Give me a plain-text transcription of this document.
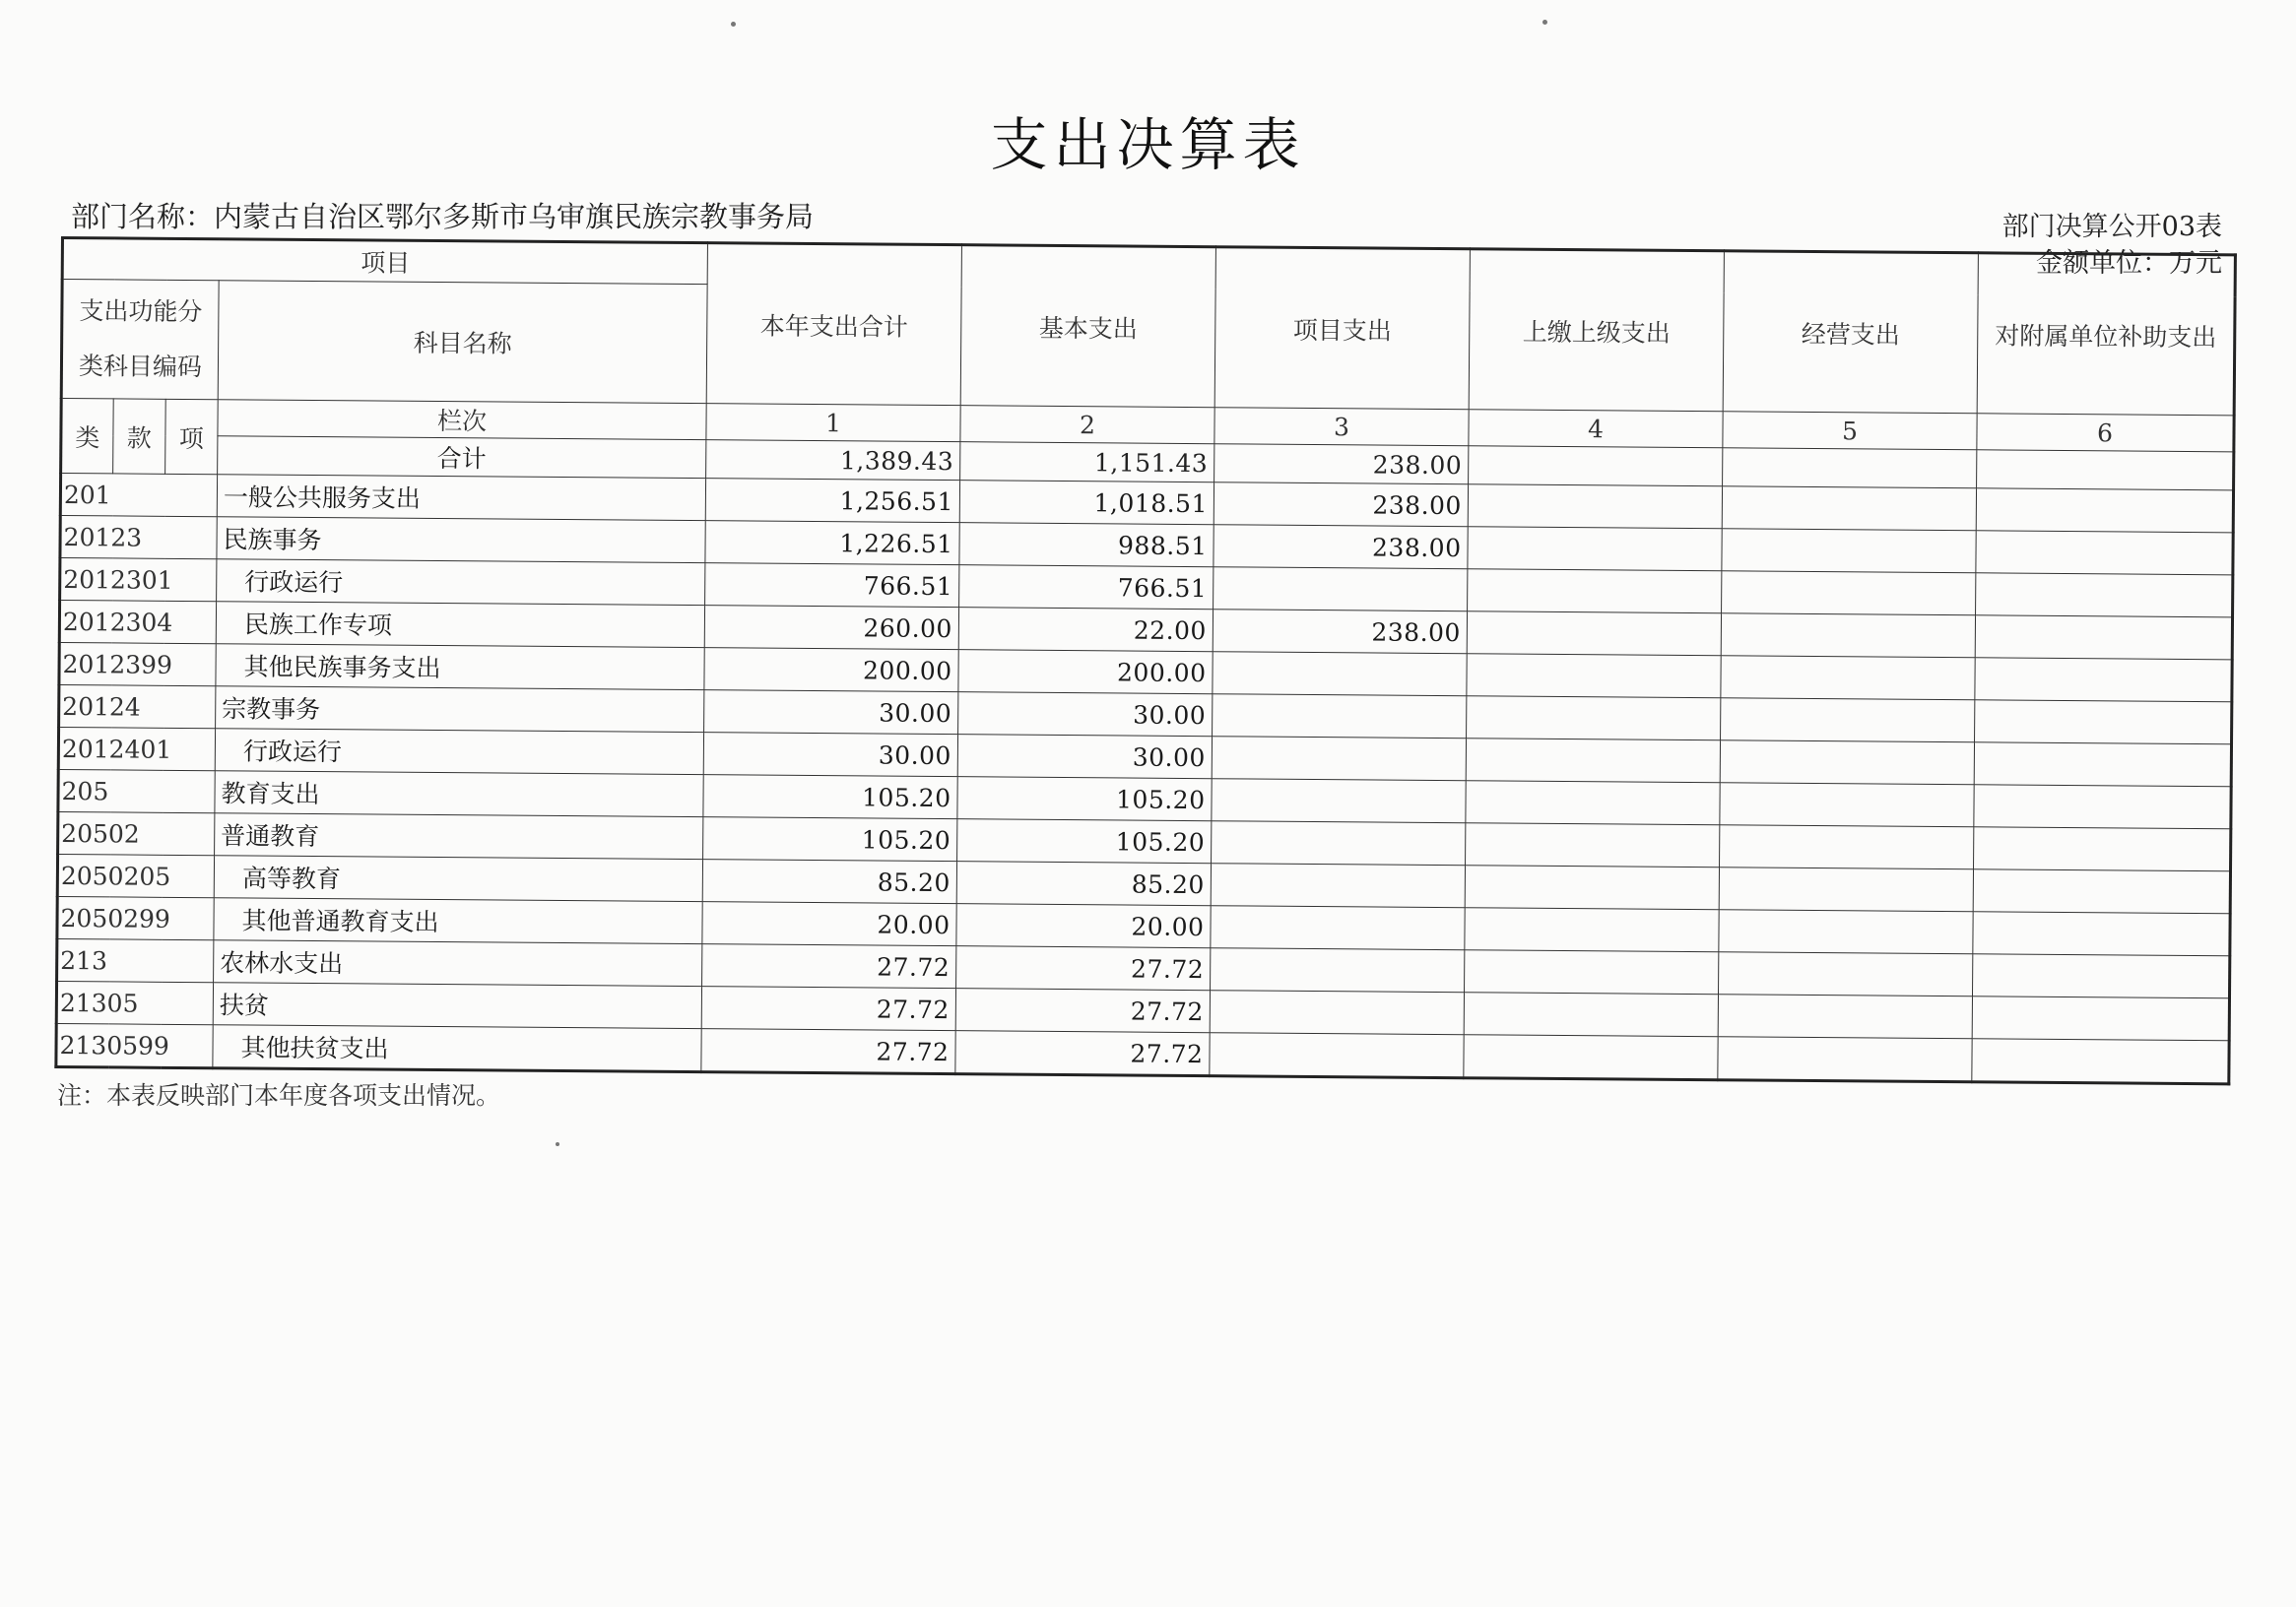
支出决算表
部门名称：内蒙古自治区鄂尔多斯市乌审旗民族宗教事务局	部门决算公开03表
金额单位：万元
项目				本年支出合计	基本支出	项目支出	上缴上级支出	经营支出	对附属单位补助支出

支出功能分
类科目编码			科目名称						
类	款	项	栏次	1	2	3	4	5	6
			合计	1,389.43	1,151.43	238.00			
201			一般公共服务支出	1,256.51	1,018.51	238.00			
20123			民族事务	1,226.51	988.51	238.00			
2012301			行政运行	766.51	766.51				
2012304			民族工作专项	260.00	22.00	238.00			
2012399			其他民族事务支出	200.00	200.00				
20124			宗教事务	30.00	30.00				
2012401			行政运行	30.00	30.00				
205			教育支出	105.20	105.20				
20502			普通教育	105.20	105.20				
2050205			高等教育	85.20	85.20				
2050299			其他普通教育支出	20.00	20.00				
213			农林水支出	27.72	27.72				
21305			扶贫	27.72	27.72				
2130599			其他扶贫支出	27.72	27.72				
注：本表反映部门本年度各项支出情况。
